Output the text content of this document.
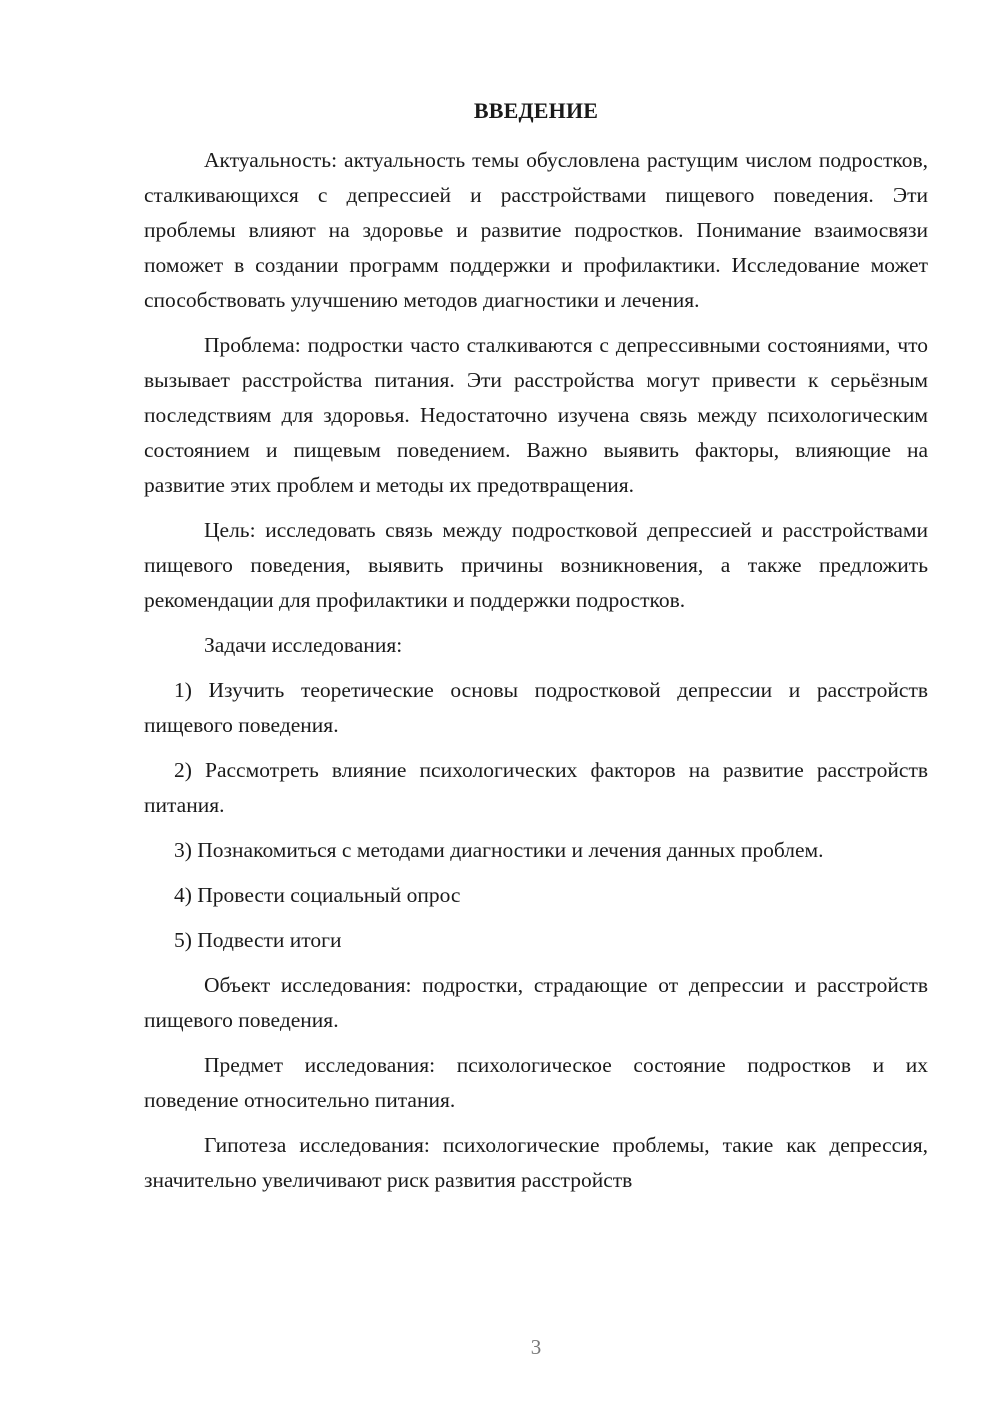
ВВЕДЕНИЕ

Актуальность: актуальность темы обусловлена растущим числом подростков, сталкивающихся с депрессией и расстройствами пищевого поведения. Эти проблемы влияют на здоровье и развитие подростков. Понимание взаимосвязи поможет в создании программ поддержки и профилактики. Исследование может способствовать улучшению методов диагностики и лечения.

Проблема: подростки часто сталкиваются с депрессивными состояниями, что вызывает расстройства питания. Эти расстройства могут привести к серьёзным последствиям для здоровья. Недостаточно изучена связь между психологическим состоянием и пищевым поведением. Важно выявить факторы, влияющие на развитие этих проблем и методы их предотвращения.

Цель: исследовать связь между подростковой депрессией и расстройствами пищевого поведения, выявить причины возникновения, а также предложить рекомендации для профилактики и поддержки подростков.

Задачи исследования:

1) Изучить теоретические основы подростковой депрессии и расстройств пищевого поведения.

2) Рассмотреть влияние психологических факторов на развитие расстройств питания.

3) Познакомиться с методами диагностики и лечения данных проблем.

4) Провести социальный опрос

5) Подвести итоги

Объект исследования: подростки, страдающие от депрессии и расстройств пищевого поведения.

Предмет исследования: психологическое состояние подростков и их поведение относительно питания.

Гипотеза исследования: психологические проблемы, такие как депрессия, значительно увеличивают риск развития расстройств

3
